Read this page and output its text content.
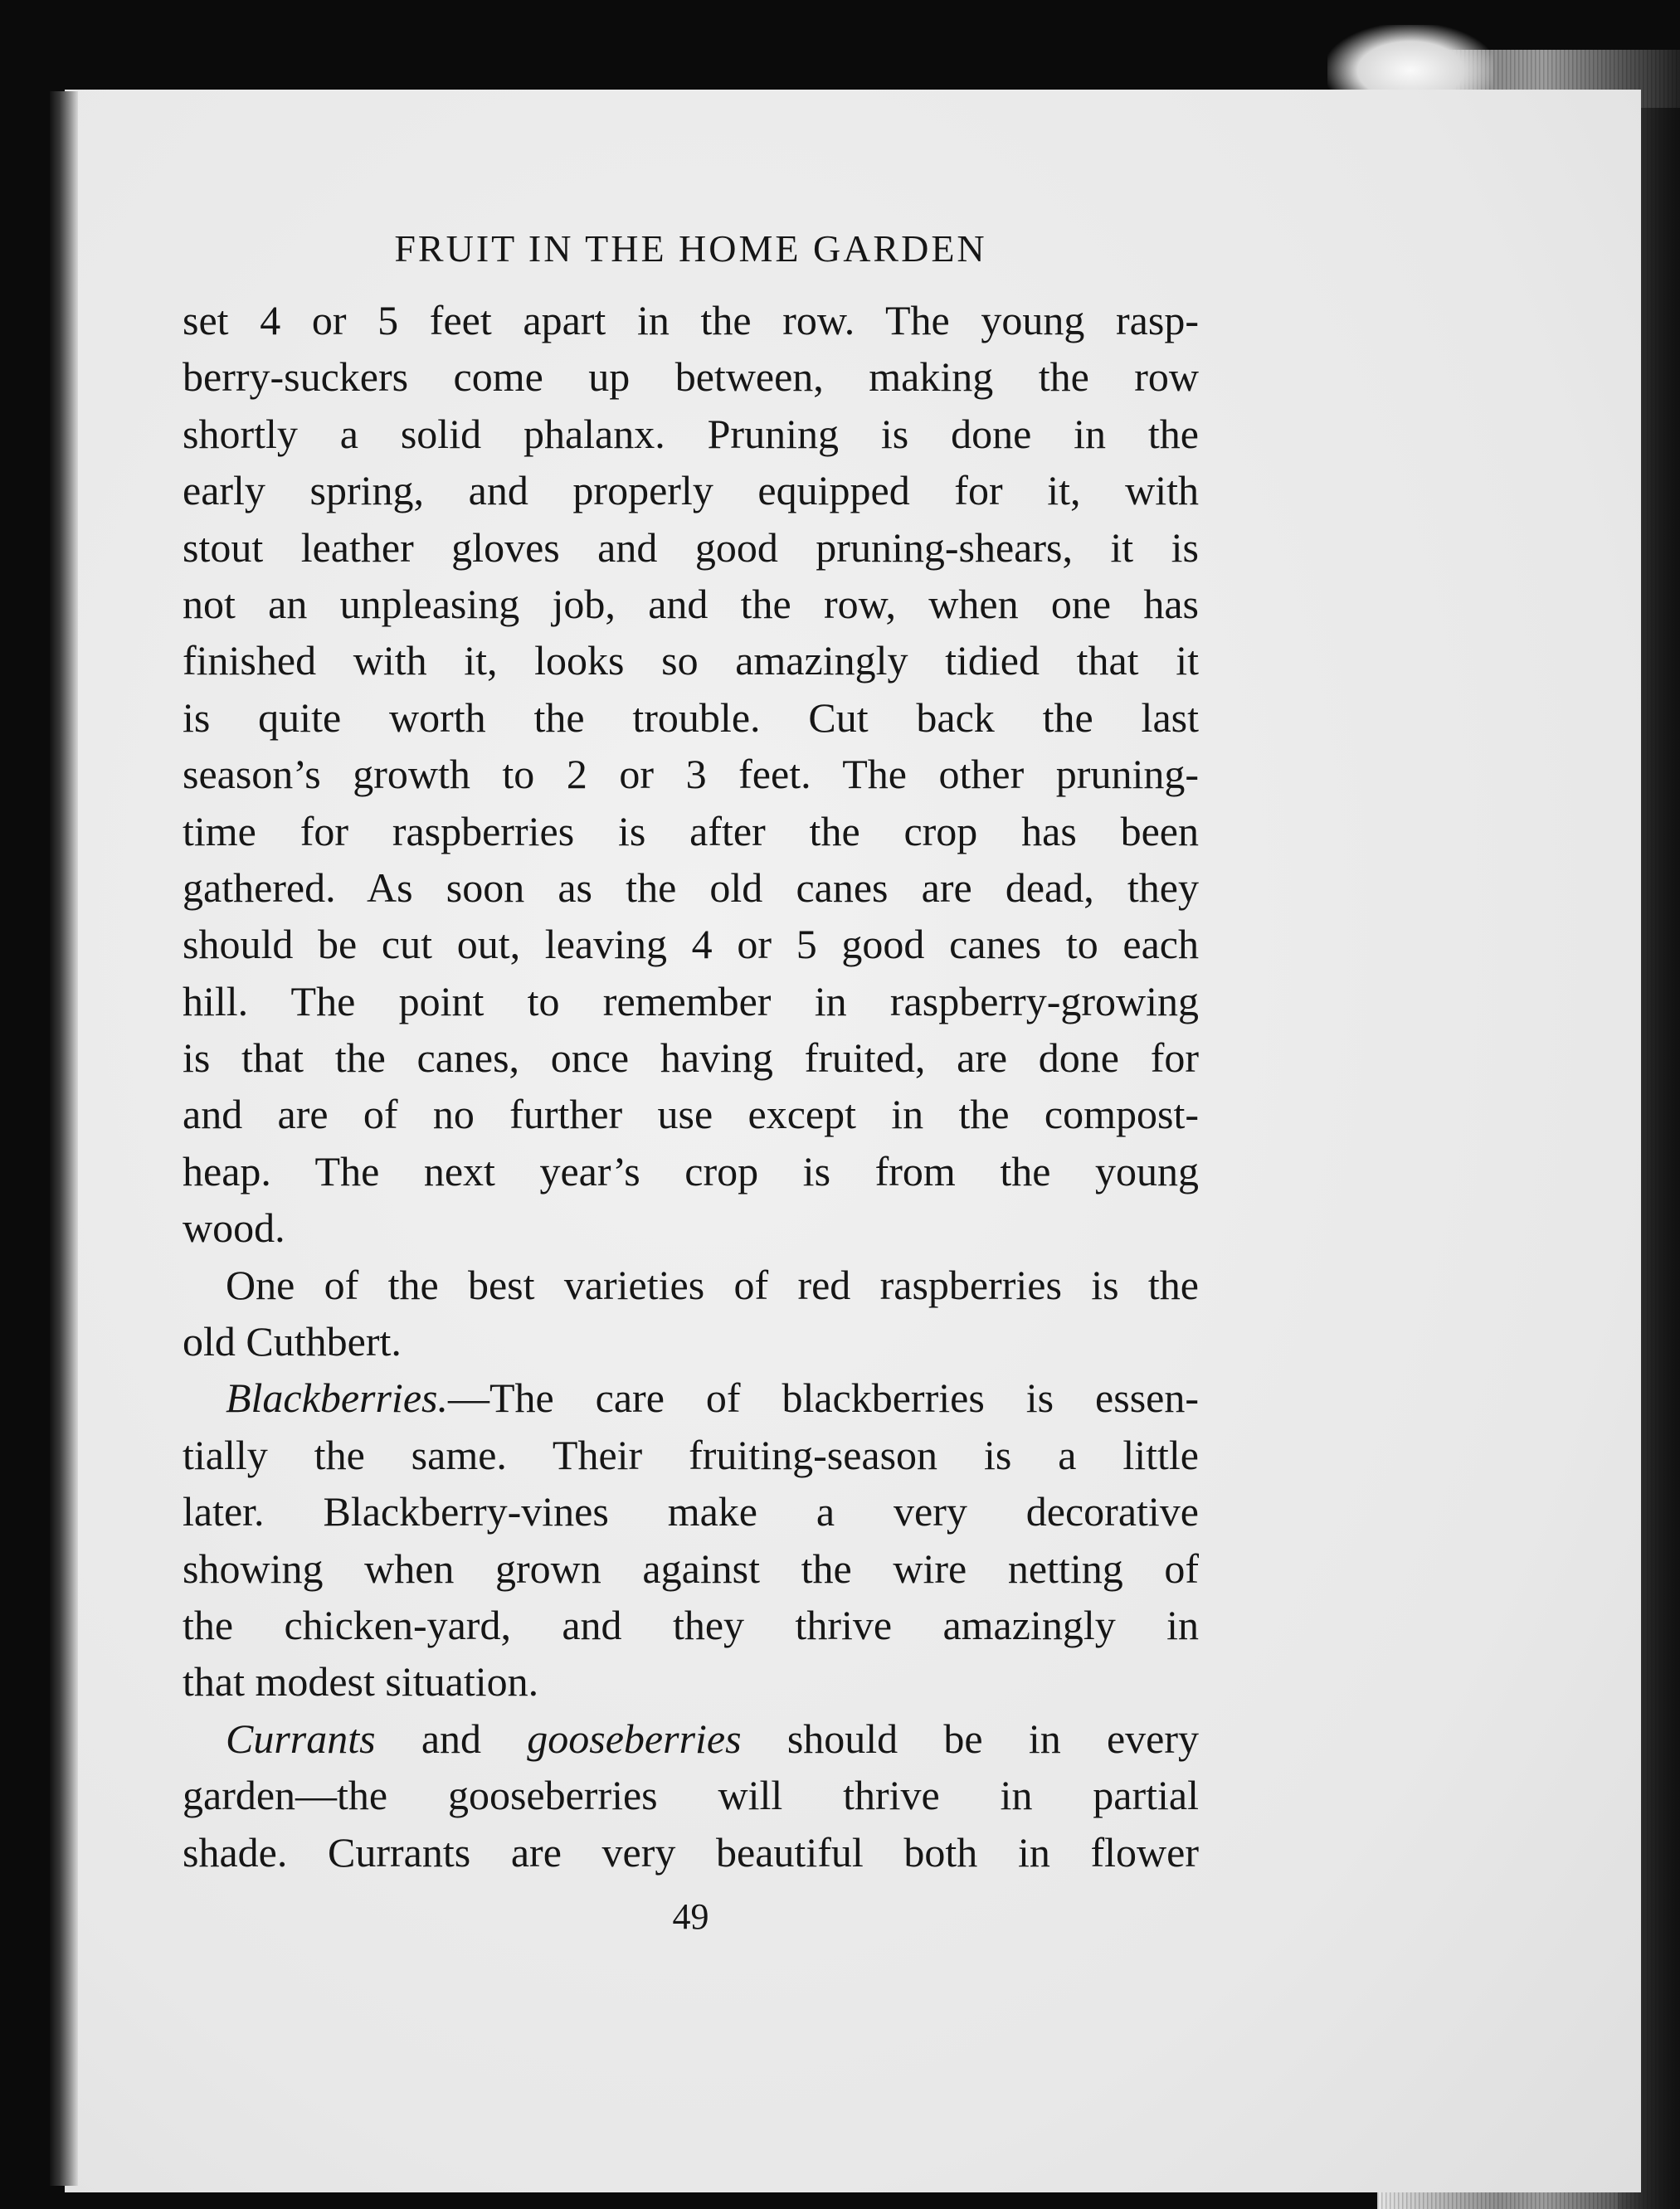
FRUIT IN THE HOME GARDEN
set 4 or 5 feet apart in the row. The young rasp-
berry-suckers come up between, making the row
shortly a solid phalanx. Pruning is done in the
early spring, and properly equipped for it, with
stout leather gloves and good pruning-shears, it is
not an unpleasing job, and the row, when one has
finished with it, looks so amazingly tidied that it
is quite worth the trouble. Cut back the last
season’s growth to 2 or 3 feet. The other pruning-
time for raspberries is after the crop has been
gathered. As soon as the old canes are dead, they
should be cut out, leaving 4 or 5 good canes to each
hill. The point to remember in raspberry-growing
is that the canes, once having fruited, are done for
and are of no further use except in the compost-
heap. The next year’s crop is from the young
wood.
One of the best varieties of red raspberries is the
old Cuthbert.
Blackberries.—The care of blackberries is essen-
tially the same. Their fruiting-season is a little
later. Blackberry-vines make a very decorative
showing when grown against the wire netting of
the chicken-yard, and they thrive amazingly in
that modest situation.
Currants and gooseberries should be in every
garden—the gooseberries will thrive in partial
shade. Currants are very beautiful both in flower
49
